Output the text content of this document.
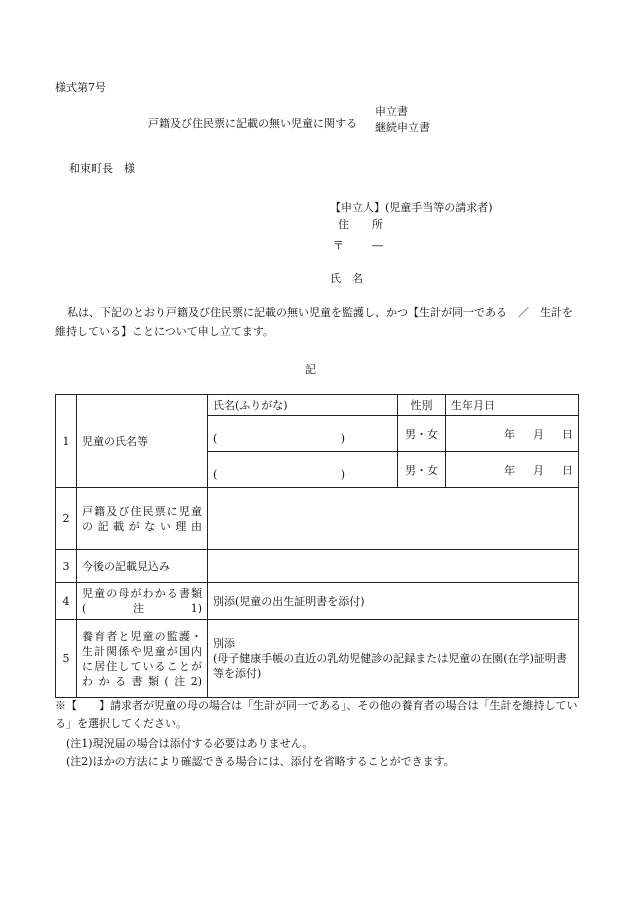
様式第7号
戸籍及び住民票に記載の無い児童に関する
申立書
継続申立書
和束町長　様
【申立人】(児童手当等の請求者)
住　所
〒	―
氏　名
私は、下記のとおり戸籍及び住民票に記載の無い児童を監護し、かつ【生計が同一である　／　生計を維持している】ことについて申し立てます。
記
1	児童の氏名等	氏名(ふりがな)	性別	生年月日

		( )	男・女	年 月 日

		( )	男・女	年 月 日
2	戸籍及び住民票に児童の記載がない理由			
3	今後の記載見込み			
4	児童の母がわかる書類(注1)	別添(児童の出生証明書を添付)		
5	養育者と児童の監護・生計関係や児童が国内に居住していることがわかる書類(注2)	別添
(母子健康手帳の直近の乳幼児健診の記録または児童の在園(在学)証明書等を添付)		
※【　　】請求者が児童の母の場合は「生計が同一である」、その他の養育者の場合は「生計を維持している」を選択してください。
(注1)現況届の場合は添付する必要はありません。
(注2)ほかの方法により確認できる場合には、添付を省略することができます。
